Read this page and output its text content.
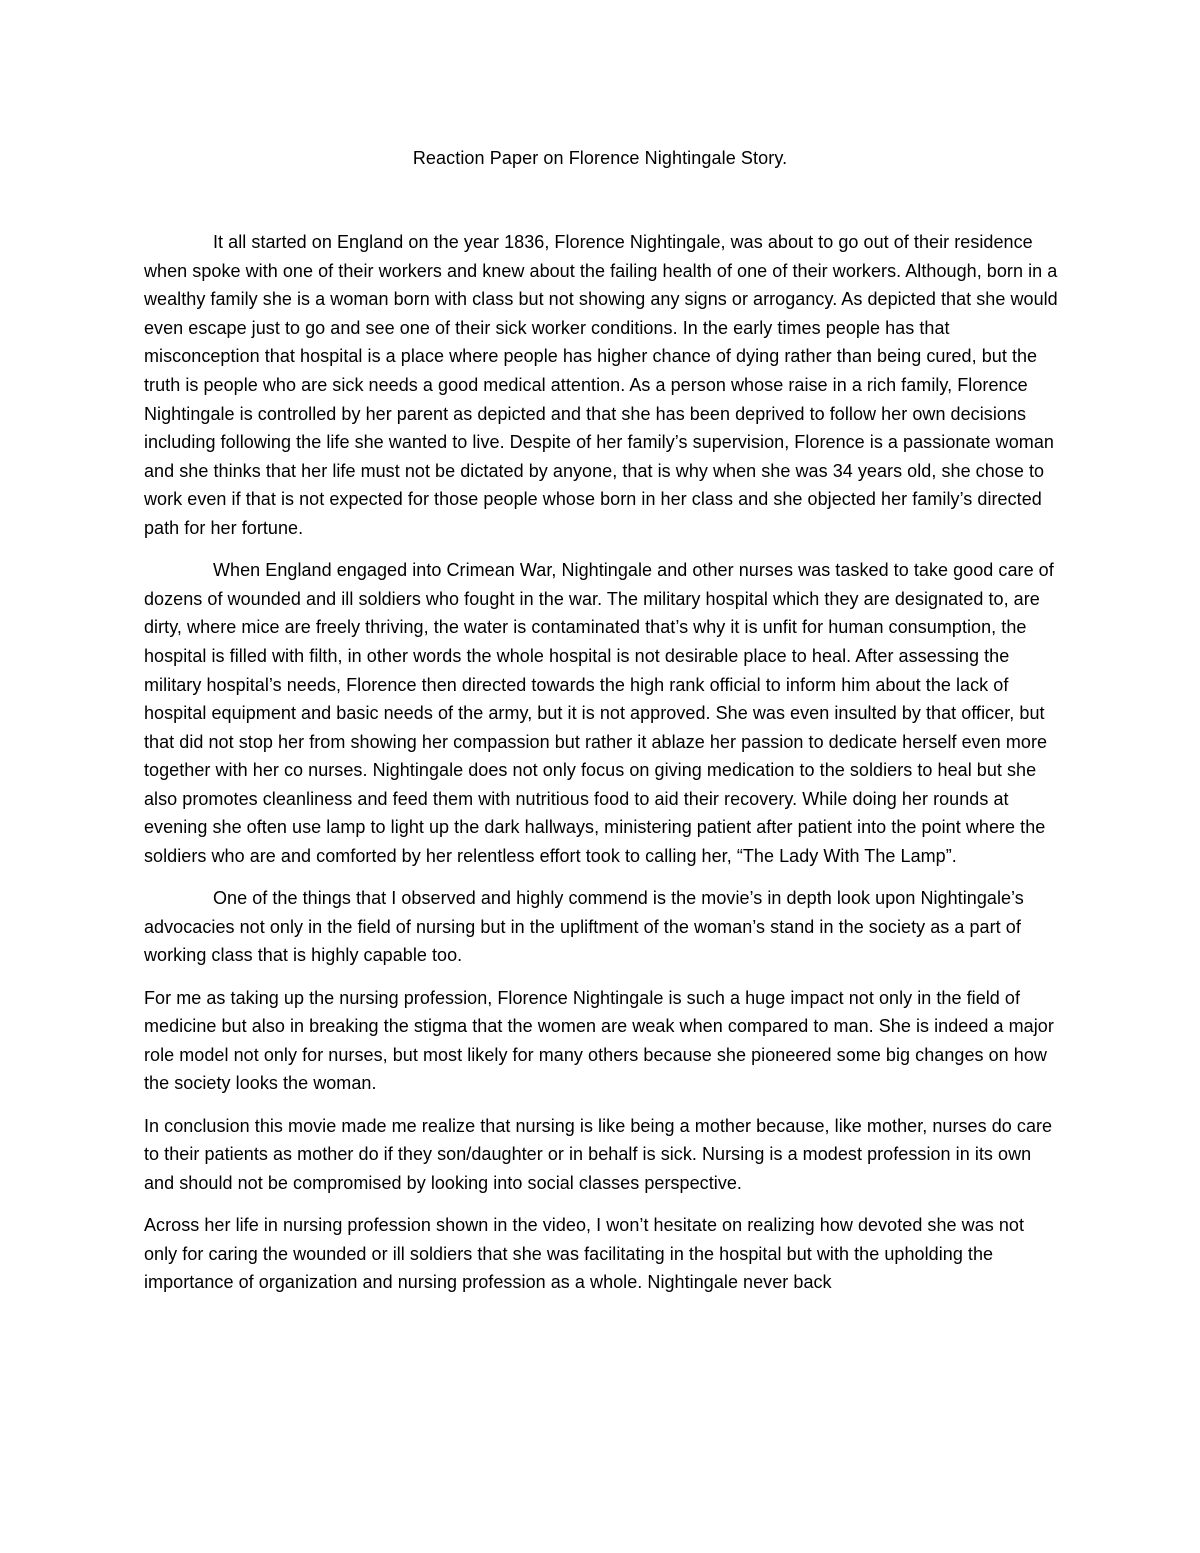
Reaction Paper on Florence Nightingale Story.

It all started on England on the year 1836, Florence Nightingale, was about to go out of their residence when spoke with one of their workers and knew about the failing health of one of their workers. Although, born in a wealthy family she is a woman born with class but not showing any signs or arrogancy. As depicted that she would even escape just to go and see one of their sick worker conditions. In the early times people has that misconception that hospital is a place where people has higher chance of dying rather than being cured, but the truth is people who are sick needs a good medical attention. As a person whose raise in a rich family, Florence Nightingale is controlled by her parent as depicted and that she has been deprived to follow her own decisions including following the life she wanted to live. Despite of her family’s supervision, Florence is a passionate woman and she thinks that her life must not be dictated by anyone, that is why when she was 34 years old, she chose to work even if that is not expected for those people whose born in her class and she objected her family’s directed path for her fortune.

When England engaged into Crimean War, Nightingale and other nurses was tasked to take good care of dozens of wounded and ill soldiers who fought in the war. The military hospital which they are designated to, are dirty, where mice are freely thriving, the water is contaminated that’s why it is unfit for human consumption, the hospital is filled with filth, in other words the whole hospital is not desirable place to heal. After assessing the military hospital’s needs, Florence then directed towards the high rank official to inform him about the lack of hospital equipment and basic needs of the army, but it is not approved. She was even insulted by that officer, but that did not stop her from showing her compassion but rather it ablaze her passion to dedicate herself even more together with her co nurses. Nightingale does not only focus on giving medication to the soldiers to heal but she also promotes cleanliness and feed them with nutritious food to aid their recovery. While doing her rounds at evening she often use lamp to light up the dark hallways, ministering patient after patient into the point where the soldiers who are and comforted by her relentless effort took to calling her, “The Lady With The Lamp”.

One of the things that I observed and highly commend is the movie’s in depth look upon Nightingale’s advocacies not only in the field of nursing but in the upliftment of the woman’s stand in the society as a part of working class that is highly capable too.

For me as taking up the nursing profession, Florence Nightingale is such a huge impact not only in the field of medicine but also in breaking the stigma that the women are weak when compared to man. She is indeed a major role model not only for nurses, but most likely for many others because she pioneered some big changes on how the society looks the woman.

In conclusion this movie made me realize that nursing is like being a mother because, like mother, nurses do care to their patients as mother do if they son/daughter or in behalf is sick. Nursing is a modest profession in its own and should not be compromised by looking into social classes perspective.

Across her life in nursing profession shown in the video, I won’t hesitate on realizing how devoted she was not only for caring the wounded or ill soldiers that she was facilitating in the hospital but with the upholding the importance of organization and nursing profession as a whole. Nightingale never back
